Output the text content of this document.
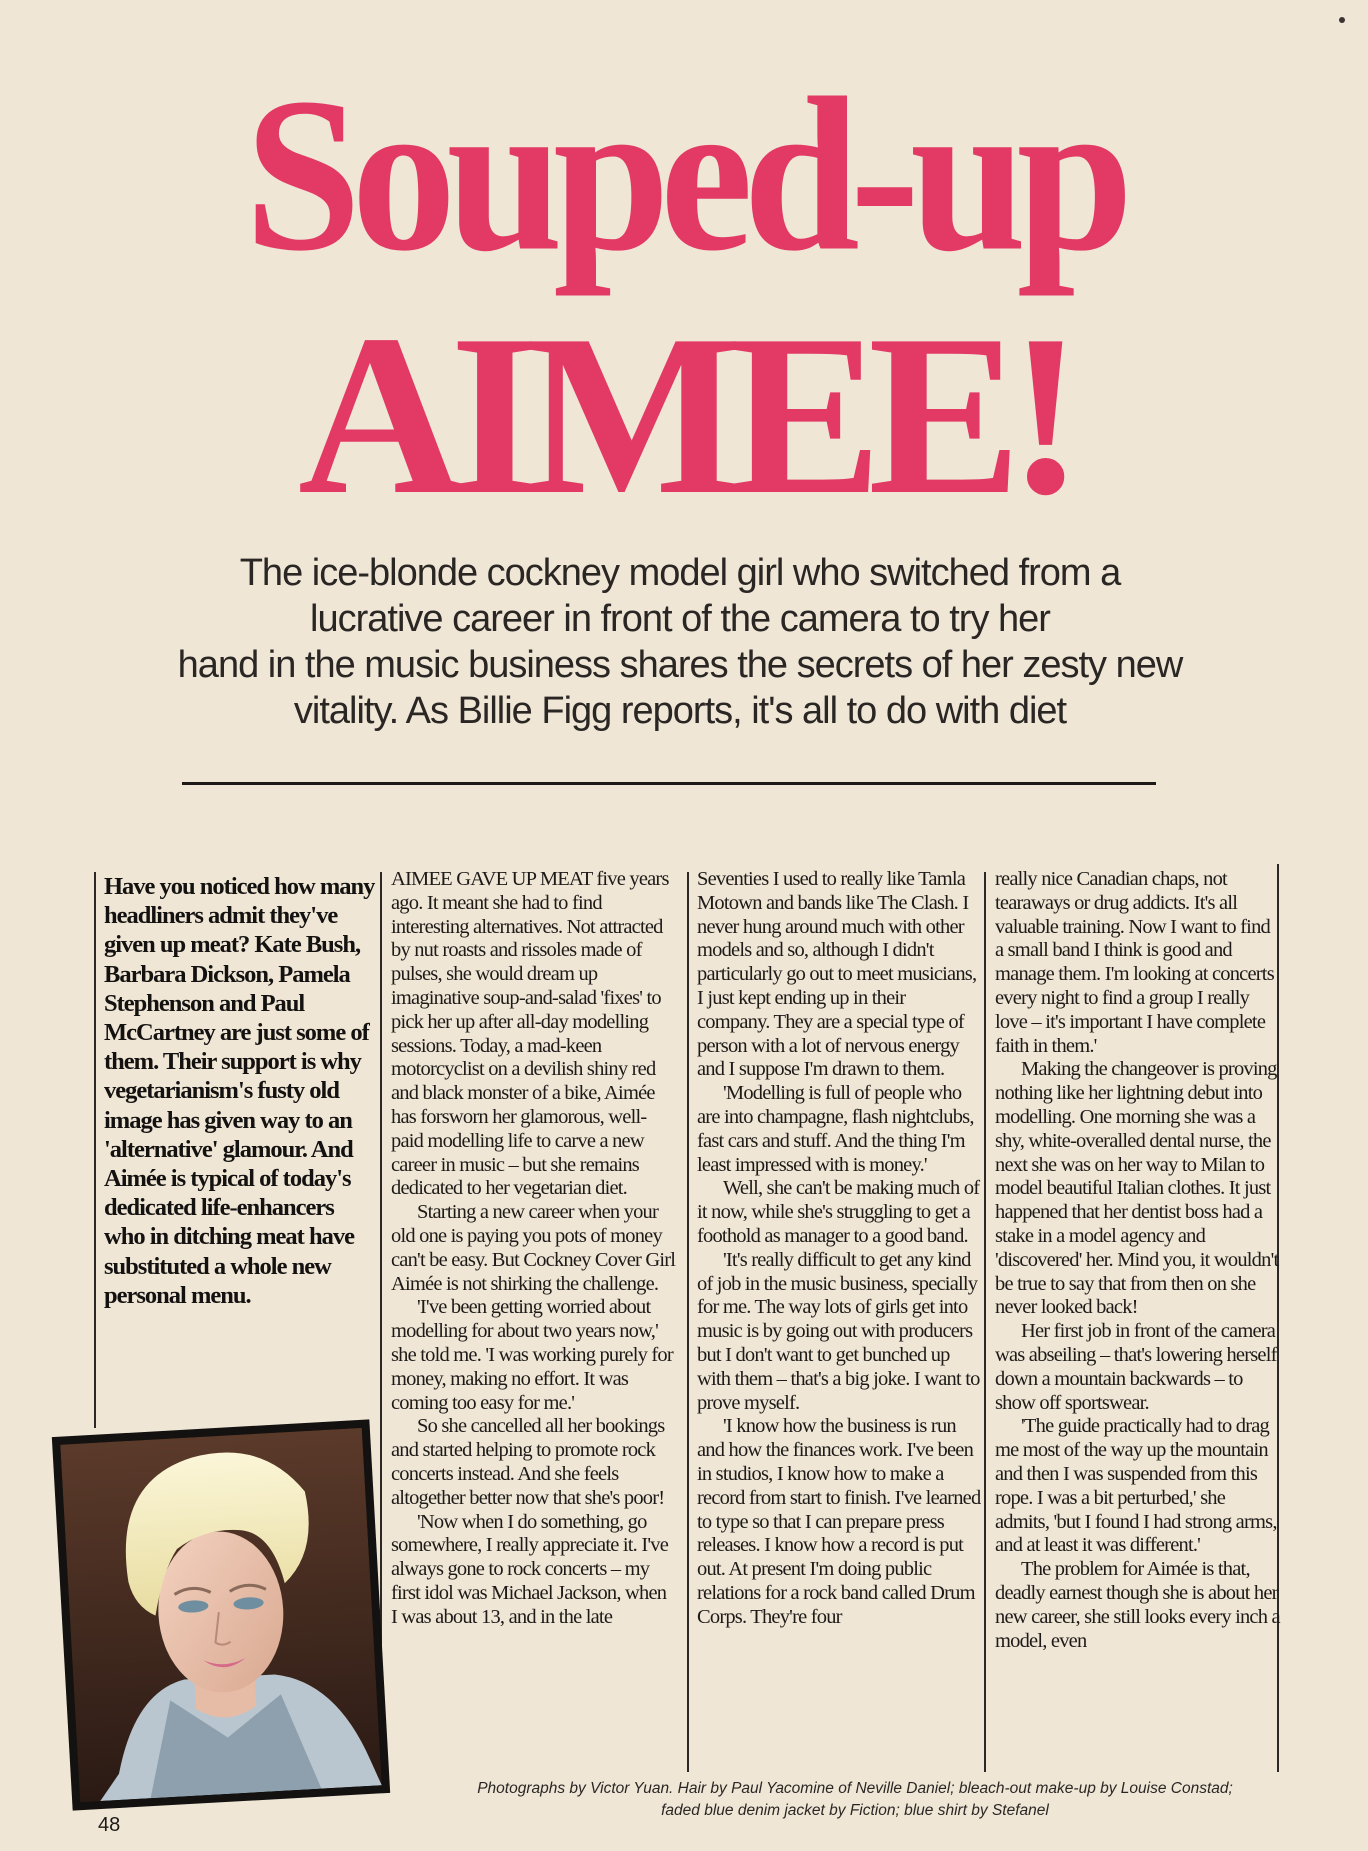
Souped-up
AIMEE!
The ice-blonde cockney model girl who switched from a
lucrative career in front of the camera to try her
hand in the music business shares the secrets of her zesty new
vitality. As Billie Figg reports, it's all to do with diet
Have you noticed how many headliners admit they've given up meat? Kate Bush, Barbara Dickson, Pamela Stephenson and Paul McCartney are just some of them. Their support is why vegetarianism's fusty old image has given way to an 'alternative' glamour. And Aimée is typical of today's dedicated life-enhancers who in ditching meat have substituted a whole new personal menu.

AIMEE GAVE UP MEAT five years ago. It meant she had to find interesting alternatives. Not attracted by nut roasts and rissoles made of pulses, she would dream up imaginative soup-and-salad 'fixes' to pick her up after all-day modelling sessions. Today, a mad-keen motorcyclist on a devilish shiny red and black monster of a bike, Aimée has forsworn her glamorous, well-paid modelling life to carve a new career in music – but she remains dedicated to her vegetarian diet.

Starting a new career when your old one is paying you pots of money can't be easy. But Cockney Cover Girl Aimée is not shirking the challenge.

'I've been getting worried about modelling for about two years now,' she told me. 'I was working purely for money, making no effort. It was coming too easy for me.'

So she cancelled all her bookings and started helping to promote rock concerts instead. And she feels altogether better now that she's poor!

'Now when I do something, go somewhere, I really appreciate it. I've always gone to rock concerts – my first idol was Michael Jackson, when I was about 13, and in the late

Seventies I used to really like Tamla Motown and bands like The Clash. I never hung around much with other models and so, although I didn't particularly go out to meet musicians, I just kept ending up in their company. They are a special type of person with a lot of nervous energy and I suppose I'm drawn to them.

'Modelling is full of people who are into champagne, flash nightclubs, fast cars and stuff. And the thing I'm least impressed with is money.'

Well, she can't be making much of it now, while she's struggling to get a foothold as manager to a good band.

'It's really difficult to get any kind of job in the music business, specially for me. The way lots of girls get into music is by going out with producers but I don't want to get bunched up with them – that's a big joke. I want to prove myself.

'I know how the business is run and how the finances work. I've been in studios, I know how to make a record from start to finish. I've learned to type so that I can prepare press releases. I know how a record is put out. At present I'm doing public relations for a rock band called Drum Corps. They're four

really nice Canadian chaps, not tearaways or drug addicts. It's all valuable training. Now I want to find a small band I think is good and manage them. I'm looking at concerts every night to find a group I really love – it's important I have complete faith in them.'

Making the changeover is proving nothing like her lightning debut into modelling. One morning she was a shy, white-overalled dental nurse, the next she was on her way to Milan to model beautiful Italian clothes. It just happened that her dentist boss had a stake in a model agency and 'discovered' her. Mind you, it wouldn't be true to say that from then on she never looked back!

Her first job in front of the camera was abseiling – that's lowering herself down a mountain backwards – to show off sportswear.

'The guide practically had to drag me most of the way up the mountain and then I was suspended from this rope. I was a bit perturbed,' she admits, 'but I found I had strong arms, and at least it was different.'

The problem for Aimée is that, deadly earnest though she is about her new career, she still looks every inch a model, even

Photographs by Victor Yuan. Hair by Paul Yacomine of Neville Daniel; bleach-out make-up by Louise Constad;
faded blue denim jacket by Fiction; blue shirt by Stefanel
48
